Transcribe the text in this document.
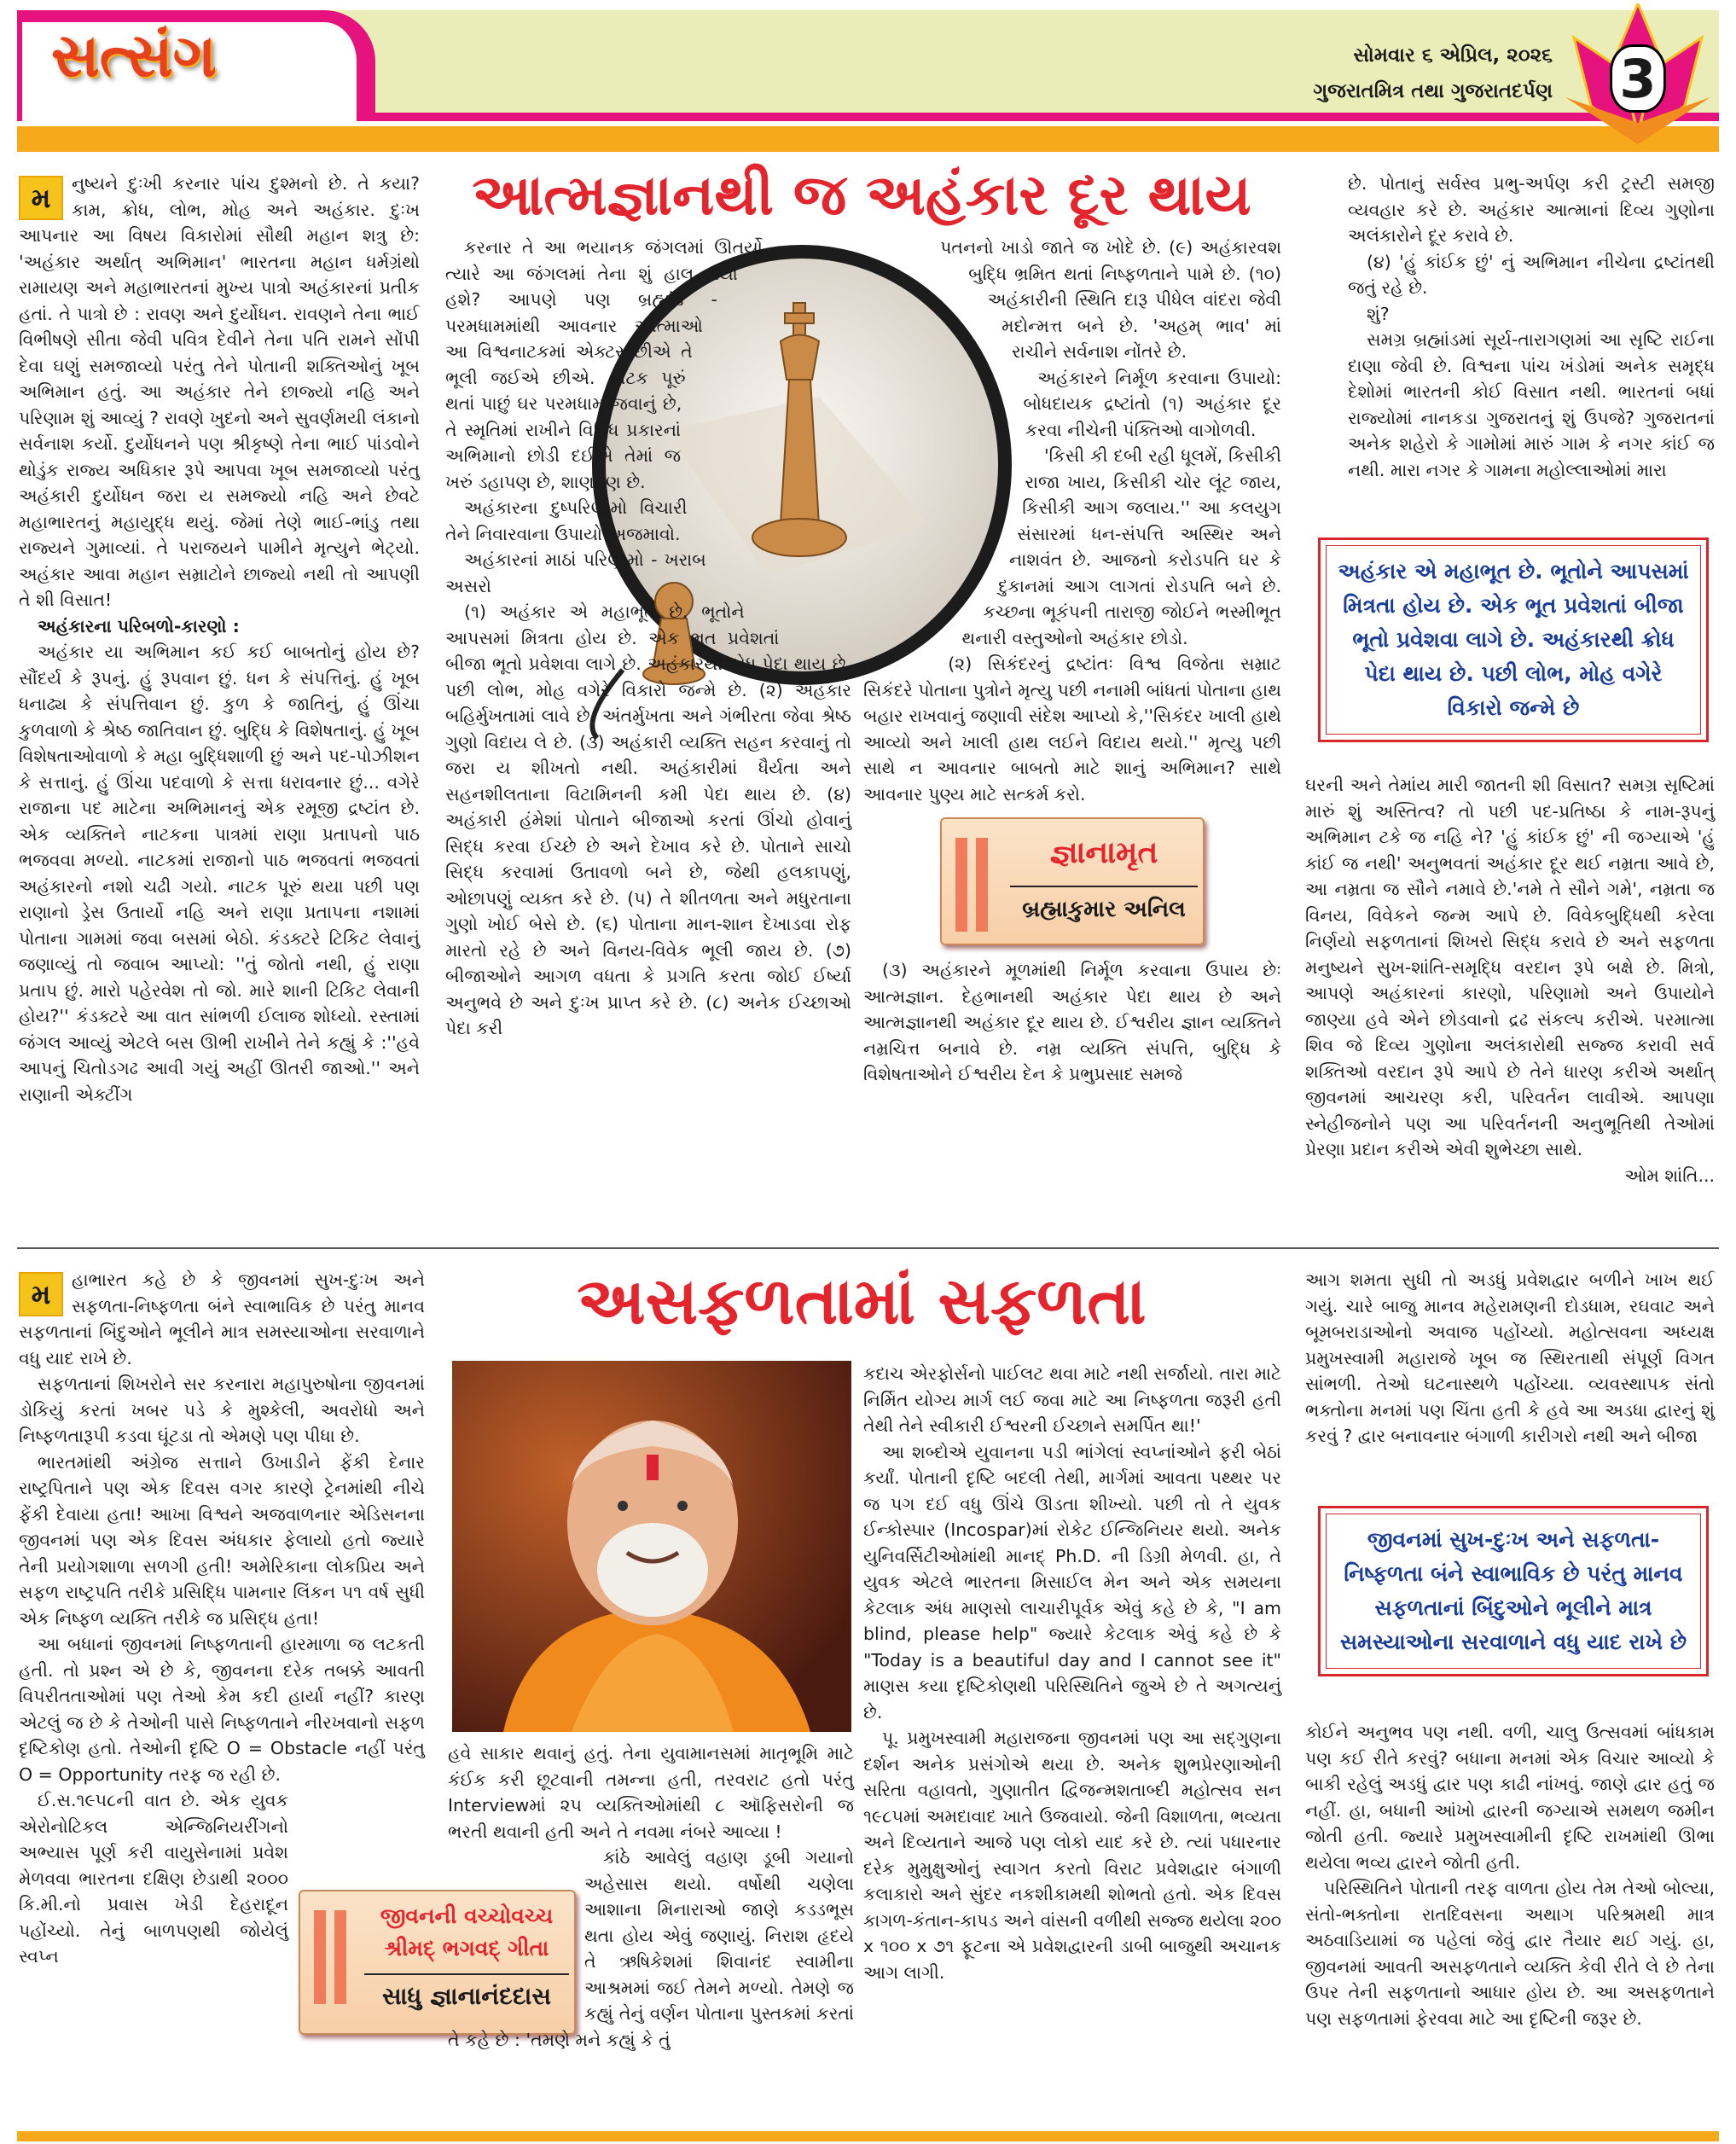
સત્સંગ	સોમવાર ૬ એપ્રિલ, ૨૦૨૬
ગુજરાતમિત્ર તથા ગુજરાતદર્પણ 3
આત્મજ્ઞાનથી જ અહંકાર દૂર થાય
મ	નુષ્યને દુઃખી કરનાર પાંચ દુશ્મનો છે. તે કયા? કામ, ક્રોધ, લોભ, મોહ અને અહંકાર. દુઃખ આપનાર આ વિષય વિકારોમાં સૌથી મહાન શત્રુ છે: 'અહંકાર અર્થાત્ અભિમાન' ભારતના મહાન ધર્મગ્રંથો રામાયણ અને મહાભારતનાં મુખ્ય પાત્રો અહંકારનાં પ્રતીક હતાં. તે પાત્રો છે : રાવણ અને દુર્યોધન. રાવણને તેના ભાઈ વિભીષણે સીતા જેવી પવિત્ર દેવીને તેના પતિ રામને સોંપી દેવા ઘણું સમજાવ્યો પરંતુ તેને પોતાની શક્તિઓનું ખૂબ અભિમાન હતું. આ અહંકાર તેને છાજ્યો નહિ અને પરિણામ શું આવ્યું ? રાવણે ખુદનો અને સુવર્ણમયી લંકાનો સર્વનાશ કર્યો. દુર્યોધનને પણ શ્રીકૃષ્ણે તેના ભાઈ પાંડવોને થોડુંક રાજ્ય અધિકાર રૂપે આપવા ખૂબ સમજાવ્યો પરંતુ અહંકારી દુર્યોધન જરા ય સમજ્યો નહિ અને છેવટે મહાભારતનું મહાયુદ્ધ થયું. જેમાં તેણે ભાઈ-ભાંડુ તથા રાજ્યને ગુમાવ્યાં. તે પરાજયને પામીને મૃત્યુને ભેટ્યો. અહંકાર આવા મહાન સમ્રાટોને છાજ્યો નથી તો આપણી તે શી વિસાત!

અહંકારના પરિબળો-કારણો :

અહંકાર યા અભિમાન કઈ કઈ બાબતોનું હોય છે? સૌંદર્ય કે રૂપનું. હું રૂપવાન છું. ધન કે સંપત્તિનું. હું ખૂબ ધનાઢ્ય કે સંપત્તિવાન છું. કુળ કે જાતિનું, હું ઊંચા કુળવાળો કે શ્રેષ્ઠ જાતિવાન છું. બુદ્ધિ કે વિશેષતાનું. હું ખૂબ વિશેષતાઓવાળો કે મહા બુદ્ધિશાળી છું અને પદ-પોઝીશન કે સત્તાનું. હું ઊંચા પદવાળો કે સત્તા ધરાવનાર છું... વગેરે રાજાના પદ માટેના અભિમાનનું એક રમૂજી દ્રષ્ટાંત છે. એક વ્યક્તિને નાટકના પાત્રમાં રાણા પ્રતાપનો પાઠ ભજવવા મળ્યો. નાટકમાં રાજાનો પાઠ ભજવતાં ભજવતાં અહંકારનો નશો ચઢી ગયો. નાટક પૂરું થયા પછી પણ રાણાનો ડ્રેસ ઉતાર્યો નહિ અને રાણા પ્રતાપના નશામાં પોતાના ગામમાં જવા બસમાં બેઠો. કંડક્ટરે ટિકિટ લેવાનું જણાવ્યું તો જવાબ આપ્યો: ''તું જોતો નથી, હું રાણા પ્રતાપ છું. મારો પહેરવેશ તો જો. મારે શાની ટિકિટ લેવાની હોય?'' કંડક્ટરે આ વાત સાંભળી ઈલાજ શોધ્યો. રસ્તામાં જંગલ આવ્યું એટલે બસ ઊભી રાખીને તેને કહ્યું કે :''હવે આપનું ચિતોડગઢ આવી ગયું અહીં ઊતરી જાઓ.'' અને રાણાની એક્ટીંગ

કરનાર તે આ ભયાનક જંગલમાં ઊતર્યો. ત્યારે આ જંગલમાં તેના શું હાલ થયા હશે? આપણે પણ બ્રહ્માંડ - પરમધામમાંથી આવનાર આત્માઓ આ વિશ્વનાટકમાં એક્ટર છીએ તે ભૂલી જઈએ છીએ. નાટક પૂરું થતાં પાછું ઘર પરમધામ જવાનું છે, તે સ્મૃતિમાં રાખીને વિવિધ પ્રકારનાં અભિમાનો છોડી દઈએ તેમાં જ ખરું ડહાપણ છે, શાણપણ છે.

અહંકારના દુષ્પરિણામો વિચારી તેને નિવારવાના ઉપાયો અજમાવો.

અહંકારનાં માઠાં પરિણામો - ખરાબ અસરો

(૧) અહંકાર એ મહાભૂત છે. ભૂતોને આપસમાં મિત્રતા હોય છે. એક ભૂત પ્રવેશતાં બીજા ભૂતો પ્રવેશવા લાગે છે. અહંકારથી ક્રોધ પેદા થાય છે. પછી લોભ, મોહ વગેરે વિકારો જન્મે છે. (૨) અહંકાર બહિર્મુખતામાં લાવે છે. અંતર્મુખતા અને ગંભીરતા જેવા શ્રેષ્ઠ ગુણો વિદાય લે છે. (૩) અહંકારી વ્યક્તિ સહન કરવાનું તો જરા ય શીખતો નથી. અહંકારીમાં ધૈર્યતા અને સહનશીલતાના વિટામિનની કમી પેદા થાય છે. (૪) અહંકારી હંમેશાં પોતાને બીજાઓ કરતાં ઊંચો હોવાનું સિદ્ધ કરવા ઈચ્છે છે અને દેખાવ કરે છે. પોતાને સાચો સિદ્ધ કરવામાં ઉતાવળો બને છે, જેથી હલકાપણું, ઓછાપણું વ્યક્ત કરે છે. (૫) તે શીતળતા અને મધુરતાના ગુણો ખોઈ બેસે છે. (૬) પોતાના માન-શાન દેખાડવા રોફ મારતો રહે છે અને વિનય-વિવેક ભૂલી જાય છે. (૭) બીજાઓને આગળ વધતા કે પ્રગતિ કરતા જોઈ ઈર્ષ્યા અનુભવે છે અને દુઃખ પ્રાપ્ત કરે છે. (૮) અનેક ઈચ્છાઓ પેદા કરી

પતનનો ખાડો જાતે જ ખોદે છે. (૯) અહંકારવશ બુદ્ધિ ભ્રમિત થતાં નિષ્ફળતાને પામે છે. (૧૦) અહંકારીની સ્થિતિ દારૂ પીધેલ વાંદરા જેવી મદોન્મત્ત બને છે. 'અહમ્ ભાવ' માં રાચીને સર્વનાશ નોંતરે છે.

અહંકારને નિર્મૂળ કરવાના ઉપાયો: બોધદાયક દ્રષ્ટાંતો (૧) અહંકાર દૂર કરવા નીચેની પંક્તિઓ વાગોળવી.

'કિસી કી દબી રહી ધૂલમેં, કિસીકી રાજા ખાય, કિસીકી ચોર લૂંટ જાય, કિસીકી આગ જલાય.'' આ કલયુગ સંસારમાં ધન-સંપત્તિ અસ્થિર અને નાશવંત છે. આજનો કરોડપતિ ઘર કે દુકાનમાં આગ લાગતાં રોડપતિ બને છે. કચ્છના ભૂકંપની તારાજી જોઈને ભસ્મીભૂત થનારી વસ્તુઓનો અહંકાર છોડો.

(૨) સિકંદરનું દ્રષ્ટાંતઃ વિશ્વ વિજેતા સમ્રાટ સિકંદરે પોતાના પુત્રોને મૃત્યુ પછી નનામી બાંધતાં પોતાના હાથ બહાર રાખવાનું જણાવી સંદેશ આપ્યો કે,''સિકંદર ખાલી હાથે આવ્યો અને ખાલી હાથ લઈને વિદાય થયો.'' મૃત્યુ પછી સાથે ન આવનાર બાબતો માટે શાનું અભિમાન? સાથે આવનાર પુણ્ય માટે સત્કર્મ કરો.

જ્ઞાનામૃત
બ્રહ્માકુમાર અનિલ

(૩) અહંકારને મૂળમાંથી નિર્મૂળ કરવાના ઉપાય છેઃ આત્મજ્ઞાન. દેહભાનથી અહંકાર પેદા થાય છે અને આત્મજ્ઞાનથી અહંકાર દૂર થાય છે. ઈશ્વરીય જ્ઞાન વ્યક્તિને નમ્રચિત્ત બનાવે છે. નમ્ર વ્યક્તિ સંપત્તિ, બુદ્ધિ કે વિશેષતાઓને ઈશ્વરીય દેન કે પ્રભુપ્રસાદ સમજે

છે. પોતાનું સર્વસ્વ પ્રભુ-અર્પણ કરી ટ્રસ્ટી સમજી વ્યવહાર કરે છે. અહંકાર આત્માનાં દિવ્ય ગુણોના અલંકારોને દૂર કરાવે છે.

(૪) 'હું કાંઈક છું' નું અભિમાન નીચેના દ્રષ્ટાંતથી જતું રહે છે.

શું?

સમગ્ર બ્રહ્માંડમાં સૂર્ય-તારાગણમાં આ સૃષ્ટિ રાઈના દાણા જેવી છે. વિશ્વના પાંચ ખંડોમાં અનેક સમૃદ્ધ દેશોમાં ભારતની કોઈ વિસાત નથી. ભારતનાં બધાં રાજ્યોમાં નાનકડા ગુજરાતનું શું ઉપજે? ગુજરાતનાં અનેક શહેરો કે ગામોમાં મારું ગામ કે નગર કાંઈ જ નથી. મારા નગર કે ગામના મહોલ્લાઓમાં મારા

અહંકાર એ મહાભૂત છે. ભૂતોને આપસમાં મિત્રતા હોય છે. એક ભૂત પ્રવેશતાં બીજા ભૂતો પ્રવેશવા લાગે છે. અહંકારથી ક્રોધ પેદા થાય છે. પછી લોભ, મોહ વગેરે વિકારો જન્મે છે

ઘરની અને તેમાંય મારી જાતની શી વિસાત? સમગ્ર સૃષ્ટિમાં મારું શું અસ્તિત્વ? તો પછી પદ-પ્રતિષ્ઠા કે નામ-રૂપનું અભિમાન ટકે જ નહિ ને? 'હું કાંઈક છું' ની જગ્યાએ 'હું કાંઈ જ નથી' અનુભવતાં અહંકાર દૂર થઈ નમ્રતા આવે છે, આ નમ્રતા જ સૌને નમાવે છે.'નમે તે સૌને ગમે', નમ્રતા જ વિનય, વિવેકને જન્મ આપે છે. વિવેકબુદ્ધિથી કરેલા નિર્ણયો સફળતાનાં શિખરો સિદ્ધ કરાવે છે અને સફળતા મનુષ્યને સુખ-શાંતિ-સમૃદ્ધિ વરદાન રૂપે બક્ષે છે. મિત્રો, આપણે અહંકારનાં કારણો, પરિણામો અને ઉપાયોને જાણ્યા હવે એને છોડવાનો દ્રઢ સંકલ્પ કરીએ. પરમાત્મા શિવ જે દિવ્ય ગુણોના અલંકારોથી સજ્જ કરાવી સર્વ શક્તિઓ વરદાન રૂપે આપે છે તેને ધારણ કરીએ અર્થાત્ જીવનમાં આચરણ કરી, પરિવર્તન લાવીએ. આપણા સ્નેહીજનોને પણ આ પરિવર્તનની અનુભૂતિથી તેઓમાં પ્રેરણા પ્રદાન કરીએ એવી શુભેચ્છા સાથે.

ઓમ શાંતિ...

અસફળતામાં સફળતા
મ	હાભારત કહે છે કે જીવનમાં સુખ-દુઃખ અને સફળતા-નિષ્ફળતા બંને સ્વાભાવિક છે પરંતુ માનવ સફળતાનાં બિંદુઓને ભૂલીને માત્ર સમસ્યાઓના સરવાળાને વધુ યાદ રાખે છે.

સફળતાનાં શિખરોને સર કરનારા મહાપુરુષોના જીવનમાં ડોકિયું કરતાં ખબર પડે કે મુશ્કેલી, અવરોધો અને નિષ્ફળતારૂપી કડવા ઘૂંટડા તો એમણે પણ પીધા છે.

ભારતમાંથી અંગ્રેજ સત્તાને ઉખાડીને ફેંકી દેનાર રાષ્ટ્રપિતાને પણ એક દિવસ વગર કારણે ટ્રેનમાંથી નીચે ફેંકી દેવાયા હતા! આખા વિશ્વને અજવાળનાર એડિસનના જીવનમાં પણ એક દિવસ અંધકાર ફેલાયો હતો જ્યારે તેની પ્રયોગશાળા સળગી હતી! અમેરિકાના લોકપ્રિય અને સફળ રાષ્ટ્રપતિ તરીકે પ્રસિદ્ધિ પામનાર લિંકન ૫૧ વર્ષ સુધી એક નિષ્ફળ વ્યક્તિ તરીકે જ પ્રસિદ્ધ હતા!

આ બધાનાં જીવનમાં નિષ્ફળતાની હારમાળા જ લટકતી હતી. તો પ્રશ્ન એ છે કે, જીવનના દરેક તબક્કે આવતી વિપરીતતાઓમાં પણ તેઓ કેમ કદી હાર્યા નહીં? કારણ એટલું જ છે કે તેઓની પાસે નિષ્ફળતાને નીરખવાનો સફળ દૃષ્ટિકોણ હતો. તેઓની દૃષ્ટિ O = Obstacle નહીં પરંતુ O = Opportunity તરફ જ રહી છે.

ઈ.સ.૧૯૫૮ની વાત છે. એક યુવક એરોનોટિકલ એન્જિનિયરીંગનો અભ્યાસ પૂર્ણ કરી વાયુસેનામાં પ્રવેશ મેળવવા ભારતના દક્ષિણ છેડાથી ૨૦૦૦ કિ.મી.નો પ્રવાસ ખેડી દેહરાદૂન પહોંચ્યો. તેનું બાળપણથી જોયેલું સ્વપ્ન

જીવનની વચ્ચોવચ્ચ
શ્રીમદ્ ભગવદ્ ગીતા
સાધુ જ્ઞાનાનંદદાસ

હવે સાકાર થવાનું હતું. તેના યુવામાનસમાં માતૃભૂમિ માટે કંઈક કરી છૂટવાની તમન્ના હતી, તરવરાટ હતો પરંતુ Interviewમાં ૨૫ વ્યક્તિઓમાંથી ૮ ઑફિસરોની જ ભરતી થવાની હતી અને તે નવમા નંબરે આવ્યા !

કાંઠે આવેલું વહાણ ડૂબી ગયાનો અહેસાસ થયો. વર્ષોથી ચણેલા આશાના મિનારાઓ જાણે કડડભૂસ થતા હોય એવું જણાયું. નિરાશ હૃદયે તે ઋષિકેશમાં શિવાનંદ સ્વામીના આશ્રમમાં જઈ તેમને મળ્યો. તેમણે જ કહ્યું તેનું વર્ણન પોતાના પુસ્તકમાં કરતાં તે કહે છે : 'તમણે મને કહ્યું કે તું

કદાચ એરફોર્સનો પાઈલટ થવા માટે નથી સર્જાયો. તારા માટે નિર્મિત યોગ્ય માર્ગ લઈ જવા માટે આ નિષ્ફળતા જરૂરી હતી તેથી તેને સ્વીકારી ઈશ્વરની ઈચ્છાને સમર્પિત થા!'

આ શબ્દોએ યુવાનના પડી ભાંગેલાં સ્વપ્નાંઓને ફરી બેઠાં કર્યાં. પોતાની દૃષ્ટિ બદલી તેથી, માર્ગમાં આવતા પથ્થર પર જ પગ દઈ વધુ ઊંચે ઊડતા શીખ્યો. પછી તો તે યુવક ઈન્કોસ્પાર (Incospar)માં રોકેટ ઈન્જિનિયર થયો. અનેક યુનિવર્સિટીઓમાંથી માનદ્ Ph.D. ની ડિગ્રી મેળવી. હા, તે યુવક એટલે ભારતના મિસાઈલ મેન અને એક સમયના કેટલાક અંધ માણસો લાચારીપૂર્વક એવું કહે છે કે, "I am blind, please help" જ્યારે કેટલાક એવું કહે છે કે "Today is a beautiful day and I cannot see it" માણસ કયા દૃષ્ટિકોણથી પરિસ્થિતિને જુએ છે તે અગત્યનું છે.

પૂ. પ્રમુખસ્વામી મહારાજના જીવનમાં પણ આ સદ્ગુણના દર્શન અનેક પ્રસંગોએ થયા છે. અનેક શુભપ્રેરણાઓની સરિતા વહાવતો, ગુણાતીત દ્વિજન્મશતાબ્દી મહોત્સવ સન ૧૯૮૫માં અમદાવાદ ખાતે ઉજવાયો. જેની વિશાળતા, ભવ્યતા અને દિવ્યતાને આજે પણ લોકો યાદ કરે છે. ત્યાં પધારનાર દરેક મુમુક્ષુઓનું સ્વાગત કરતો વિરાટ પ્રવેશદ્વાર બંગાળી કલાકારો અને સુંદર નકશીકામથી શોભતો હતો. એક દિવસ કાગળ-કંતાન-કાપડ અને વાંસની વળીથી સજ્જ થયેલા ૨૦૦ x ૧૦૦ x ૭૧ ફૂટના એ પ્રવેશદ્વારની ડાબી બાજુથી અચાનક આગ લાગી.

આગ શમતા સુધી તો અડધું પ્રવેશદ્વાર બળીને ખાખ થઈ ગયું. ચારે બાજુ માનવ મહેરામણની દોડધામ, રઘવાટ અને બૂમબરાડાઓનો અવાજ પહોંચ્યો. મહોત્સવના અધ્યક્ષ પ્રમુખસ્વામી મહારાજે ખૂબ જ સ્થિરતાથી સંપૂર્ણ વિગત સાંભળી. તેઓ ઘટનાસ્થળે પહોંચ્યા. વ્યવસ્થાપક સંતો ભક્તોના મનમાં પણ ચિંતા હતી કે હવે આ અડધા દ્વારનું શું કરવું ? દ્વાર બનાવનાર બંગાળી કારીગરો નથી અને બીજા

જીવનમાં સુખ-દુઃખ અને સફળતા-નિષ્ફળતા બંને સ્વાભાવિક છે પરંતુ માનવ સફળતાનાં બિંદુઓને ભૂલીને માત્ર સમસ્યાઓના સરવાળાને વધુ યાદ રાખે છે

કોઈને અનુભવ પણ નથી. વળી, ચાલુ ઉત્સવમાં બાંધકામ પણ કઈ રીતે કરવું? બધાના મનમાં એક વિચાર આવ્યો કે બાકી રહેલું અડધું દ્વાર પણ કાઢી નાંખવું. જાણે દ્વાર હતું જ નહીં. હા, બધાની આંખો દ્વારની જગ્યાએ સમથળ જમીન જોતી હતી. જ્યારે પ્રમુખસ્વામીની દૃષ્ટિ રાખમાંથી ઊભા થયેલા ભવ્ય દ્વારને જોતી હતી.

પરિસ્થિતિને પોતાની તરફ વાળતા હોય તેમ તેઓ બોલ્યા, સંતો-ભક્તોના રાતદિવસના અથાગ પરિશ્રમથી માત્ર અઠવાડિયામાં જ પહેલાં જેવું દ્વાર તૈયાર થઈ ગયું. હા, જીવનમાં આવતી અસફળતાને વ્યક્તિ કેવી રીતે લે છે તેના ઉપર તેની સફળતાનો આધાર હોય છે. આ અસફળતાને પણ સફળતામાં ફેરવવા માટે આ દૃષ્ટિની જરૂર છે.
